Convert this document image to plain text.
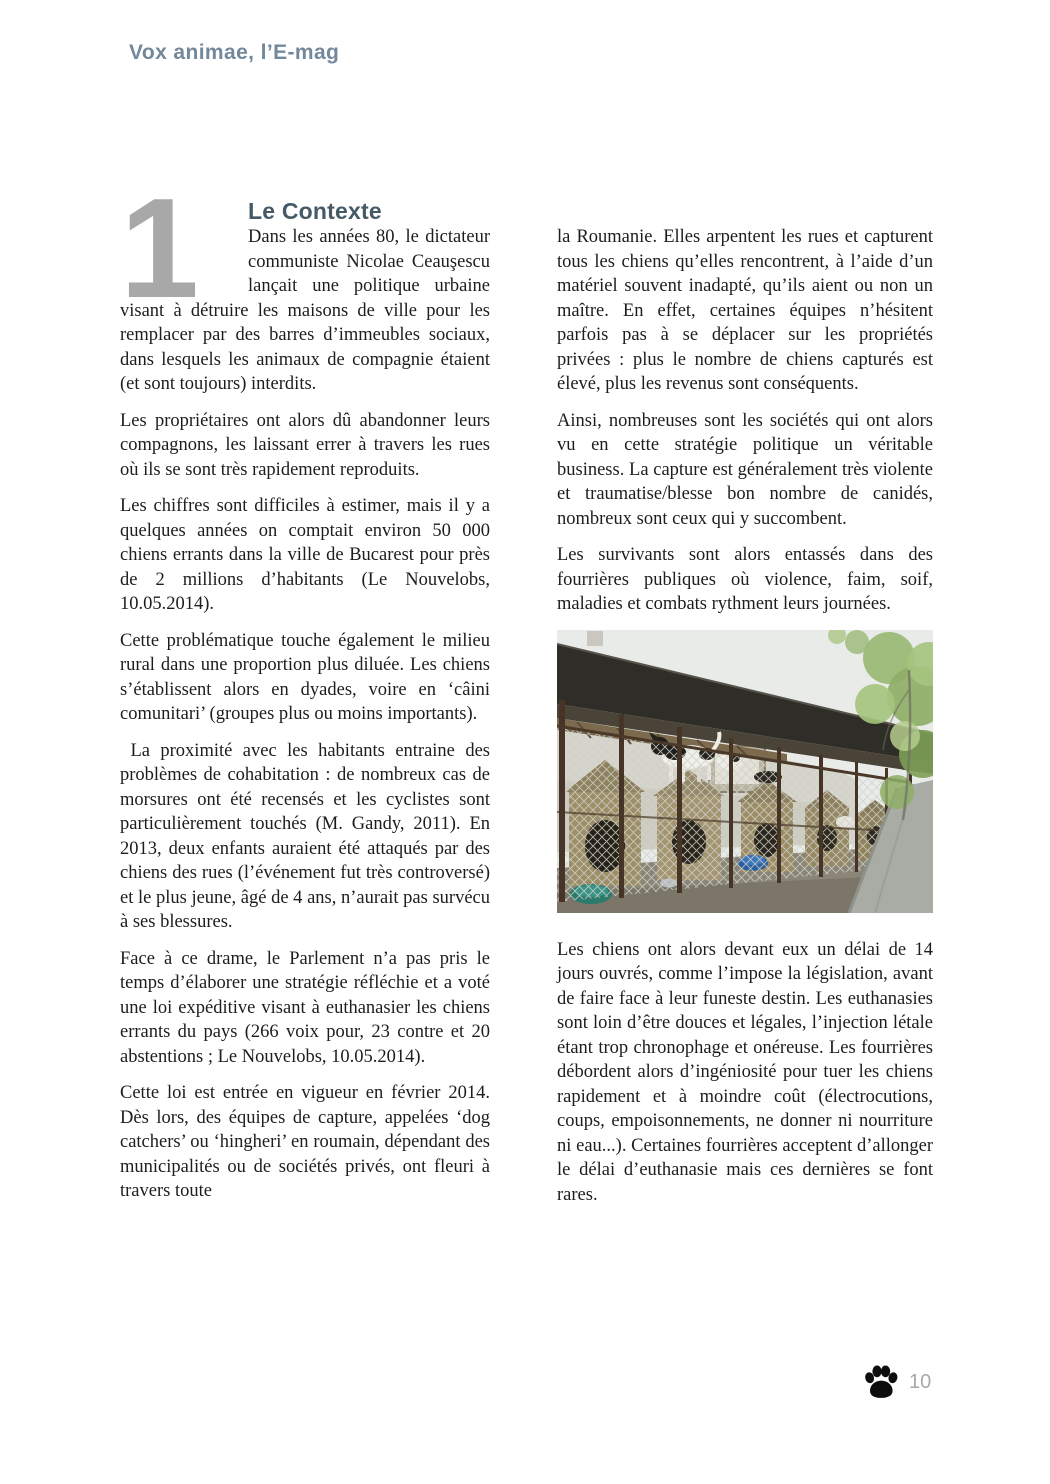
Vox animae, l’E-mag
1	Le Contexte

Dans les années 80, le dictateur communiste Nicolae Ceauşescu lançait une politique urbaine visant à détruire les maisons de ville pour les remplacer par des barres d’immeubles sociaux, dans lesquels les animaux de compagnie étaient (et sont toujours) interdits.

Les propriétaires ont alors dû abandonner leurs compagnons, les laissant errer à travers les rues où ils se sont très rapidement reproduits.

Les chiffres sont difficiles à estimer, mais il y a quelques années on comptait environ 50 000 chiens errants dans la ville de Bucarest pour près de 2 millions d’habitants (Le Nouvelobs, 10.05.2014).

Cette problématique touche également le milieu rural dans une proportion plus diluée. Les chiens s’établissent alors en dyades, voire en ‘câini comunitari’ (groupes plus ou moins importants).

La proximité avec les habitants entraine des problèmes de cohabitation : de nombreux cas de morsures ont été recensés et les cyclistes sont particulièrement touchés (M. Gandy, 2011). En 2013, deux enfants auraient été attaqués par des chiens des rues (l’événement fut très controversé) et le plus jeune, âgé de 4 ans, n’aurait pas survécu à ses blessures.

Face à ce drame, le Parlement n’a pas pris le temps d’élaborer une stratégie réfléchie et a voté une loi expéditive visant à euthanasier les chiens errants du pays (266 voix pour, 23 contre et 20 abstentions ; Le Nouvelobs, 10.05.2014).

Cette loi est entrée en vigueur en février 2014. Dès lors, des équipes de capture, appelées ‘dog catchers’ ou ‘hingheri’ en roumain, dépendant des municipalités ou de sociétés privés, ont fleuri à travers toute

la Roumanie. Elles arpentent les rues et capturent tous les chiens qu’elles rencontrent, à l’aide d’un matériel souvent inadapté, qu’ils aient ou non un maître. En effet, certaines équipes n’hésitent parfois pas à se déplacer sur les propriétés privées : plus le nombre de chiens capturés est élevé, plus les revenus sont conséquents.

Ainsi, nombreuses sont les sociétés qui ont alors vu en cette stratégie politique un véritable business. La capture est généralement très violente et traumatise/blesse bon nombre de canidés, nombreux sont ceux qui y succombent.

Les survivants sont alors entassés dans des fourrières publiques où violence, faim, soif, maladies et combats rythment leurs journées.

Les chiens ont alors devant eux un délai de 14 jours ouvrés, comme l’impose la législation, avant de faire face à leur funeste destin. Les euthanasies sont loin d’être douces et légales, l’injection létale étant trop chronophage et onéreuse. Les fourrières débordent alors d’ingéniosité pour tuer les chiens rapidement et à moindre coût (électrocutions, coups, empoisonnements, ne donner ni nourriture ni eau...). Certaines fourrières acceptent d’allonger le délai d’euthanasie mais ces dernières se font rares.

10
